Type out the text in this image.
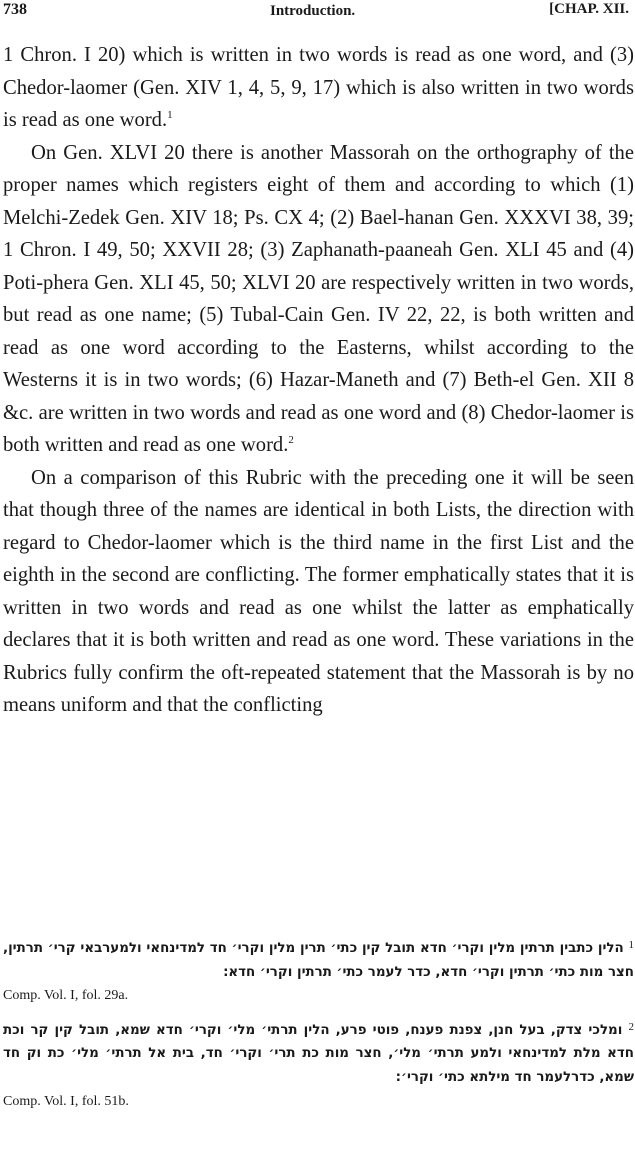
738	Introduction.	[CHAP. XII.

1 Chron. I 20) which is written in two words is read as one word, and (3) Chedor-laomer (Gen. XIV 1, 4, 5, 9, 17) which is also written in two words is read as one word.$^1$

On Gen. XLVI 20 there is another Massorah on the orthography of the proper names which registers eight of them and according to which (1) Melchi-Zedek Gen. XIV 18; Ps. CX 4; (2) Bael-hanan Gen. XXXVI 38, 39; 1 Chron. I 49, 50; XXVII 28; (3) Zaphanath-paaneah Gen. XLI 45 and (4) Poti-phera Gen. XLI 45, 50; XLVI 20 are respectively written in two words, but read as one name; (5) Tubal-Cain Gen. IV 22, 22, is both written and read as one word according to the Easterns, whilst according to the Westerns it is in two words; (6) Hazar-Maneth and (7) Beth-el Gen. XII 8 &c. are written in two words and read as one word and (8) Chedor-laomer is both written and read as one word.$^2$

On a comparison of this Rubric with the preceding one it will be seen that though three of the names are identical in both Lists, the direction with regard to Chedor-laomer which is the third name in the first List and the eighth in the second are conflicting. The former emphatically states that it is written in two words and read as one whilst the latter as emphatically declares that it is both written and read as one word. These variations in the Rubrics fully confirm the oft-repeated statement that the Massorah is by no means uniform and that the conflicting

$^1$ הלין כתבין תרתין מלין וקרי׳ חדא תובל קין כתי׳ תרין מלין וקרי׳ חד למדינחאי ולמערבאי קרי׳ תרתין, חצר מות כתי׳ תרתין וקרי׳ חדא, כדר לעמר כתי׳ תרתין וקרי׳ חדא:
Comp. Vol. I, fol. 29a.
$^2$ ומלכי צדק, בעל חנן, צפנת פענח, פוטי פרע, הלין תרתי׳ מלי׳ וקרי׳ חדא שמא, תובל קין קר וכת חדא מלת למדינחאי ולמע תרתי׳ מלי׳, חצר מות כת תרי׳ וקרי׳ חד, בית אל תרתי׳ מלי׳ כת וק חד שמא, כדרלעמר חד מילתא כתי׳ וקרי׳:
Comp. Vol. I, fol. 51b.
